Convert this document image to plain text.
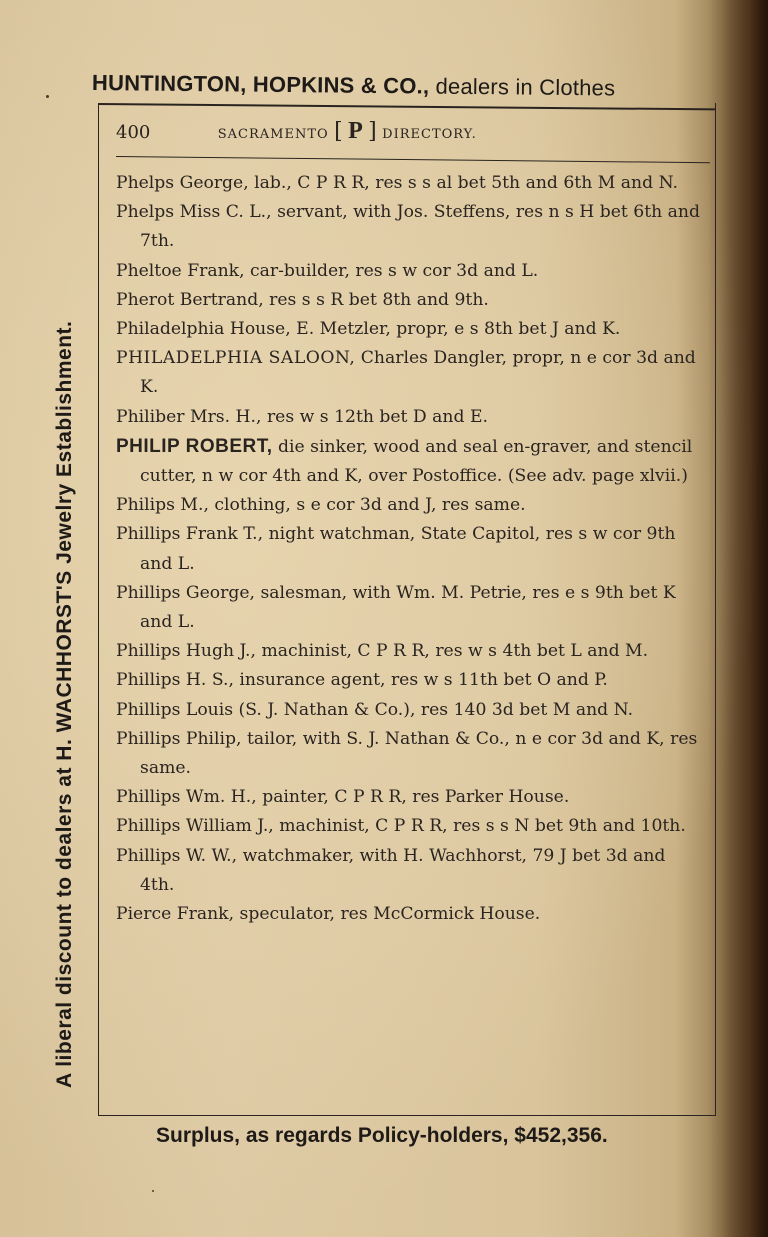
HUNTINGTON, HOPKINS & CO., dealers in Clothes
A liberal discount to dealers at H. WACHHORST'S Jewelry Establishment.
400	SACRAMENTO [ P ] DIRECTORY.
Phelps George, lab., C P R R, res s s al bet 5th and 6th M and N.
Phelps Miss C. L., servant, with Jos. Steffens, res n s H bet 6th and 7th.
Pheltoe Frank, car-builder, res s w cor 3d and L.
Pherot Bertrand, res s s R bet 8th and 9th.
Philadelphia House, E. Metzler, propr, e s 8th bet J and K.
PHILADELPHIA SALOON, Charles Dangler, propr, n e cor 3d and K.
Philiber Mrs. H., res w s 12th bet D and E.
PHILIP ROBERT, die sinker, wood and seal en-graver, and stencil cutter, n w cor 4th and K, over Postoffice. (See adv. page xlvii.)
Philips M., clothing, s e cor 3d and J, res same.
Phillips Frank T., night watchman, State Capitol, res s w cor 9th and L.
Phillips George, salesman, with Wm. M. Petrie, res e s 9th bet K and L.
Phillips Hugh J., machinist, C P R R, res w s 4th bet L and M.
Phillips H. S., insurance agent, res w s 11th bet O and P.
Phillips Louis (S. J. Nathan & Co.), res 140 3d bet M and N.
Phillips Philip, tailor, with S. J. Nathan & Co., n e cor 3d and K, res same.
Phillips Wm. H., painter, C P R R, res Parker House.
Phillips William J., machinist, C P R R, res s s N bet 9th and 10th.
Phillips W. W., watchmaker, with H. Wachhorst, 79 J bet 3d and 4th.
Pierce Frank, speculator, res McCormick House.
Surplus, as regards Policy-holders, $452,356.
